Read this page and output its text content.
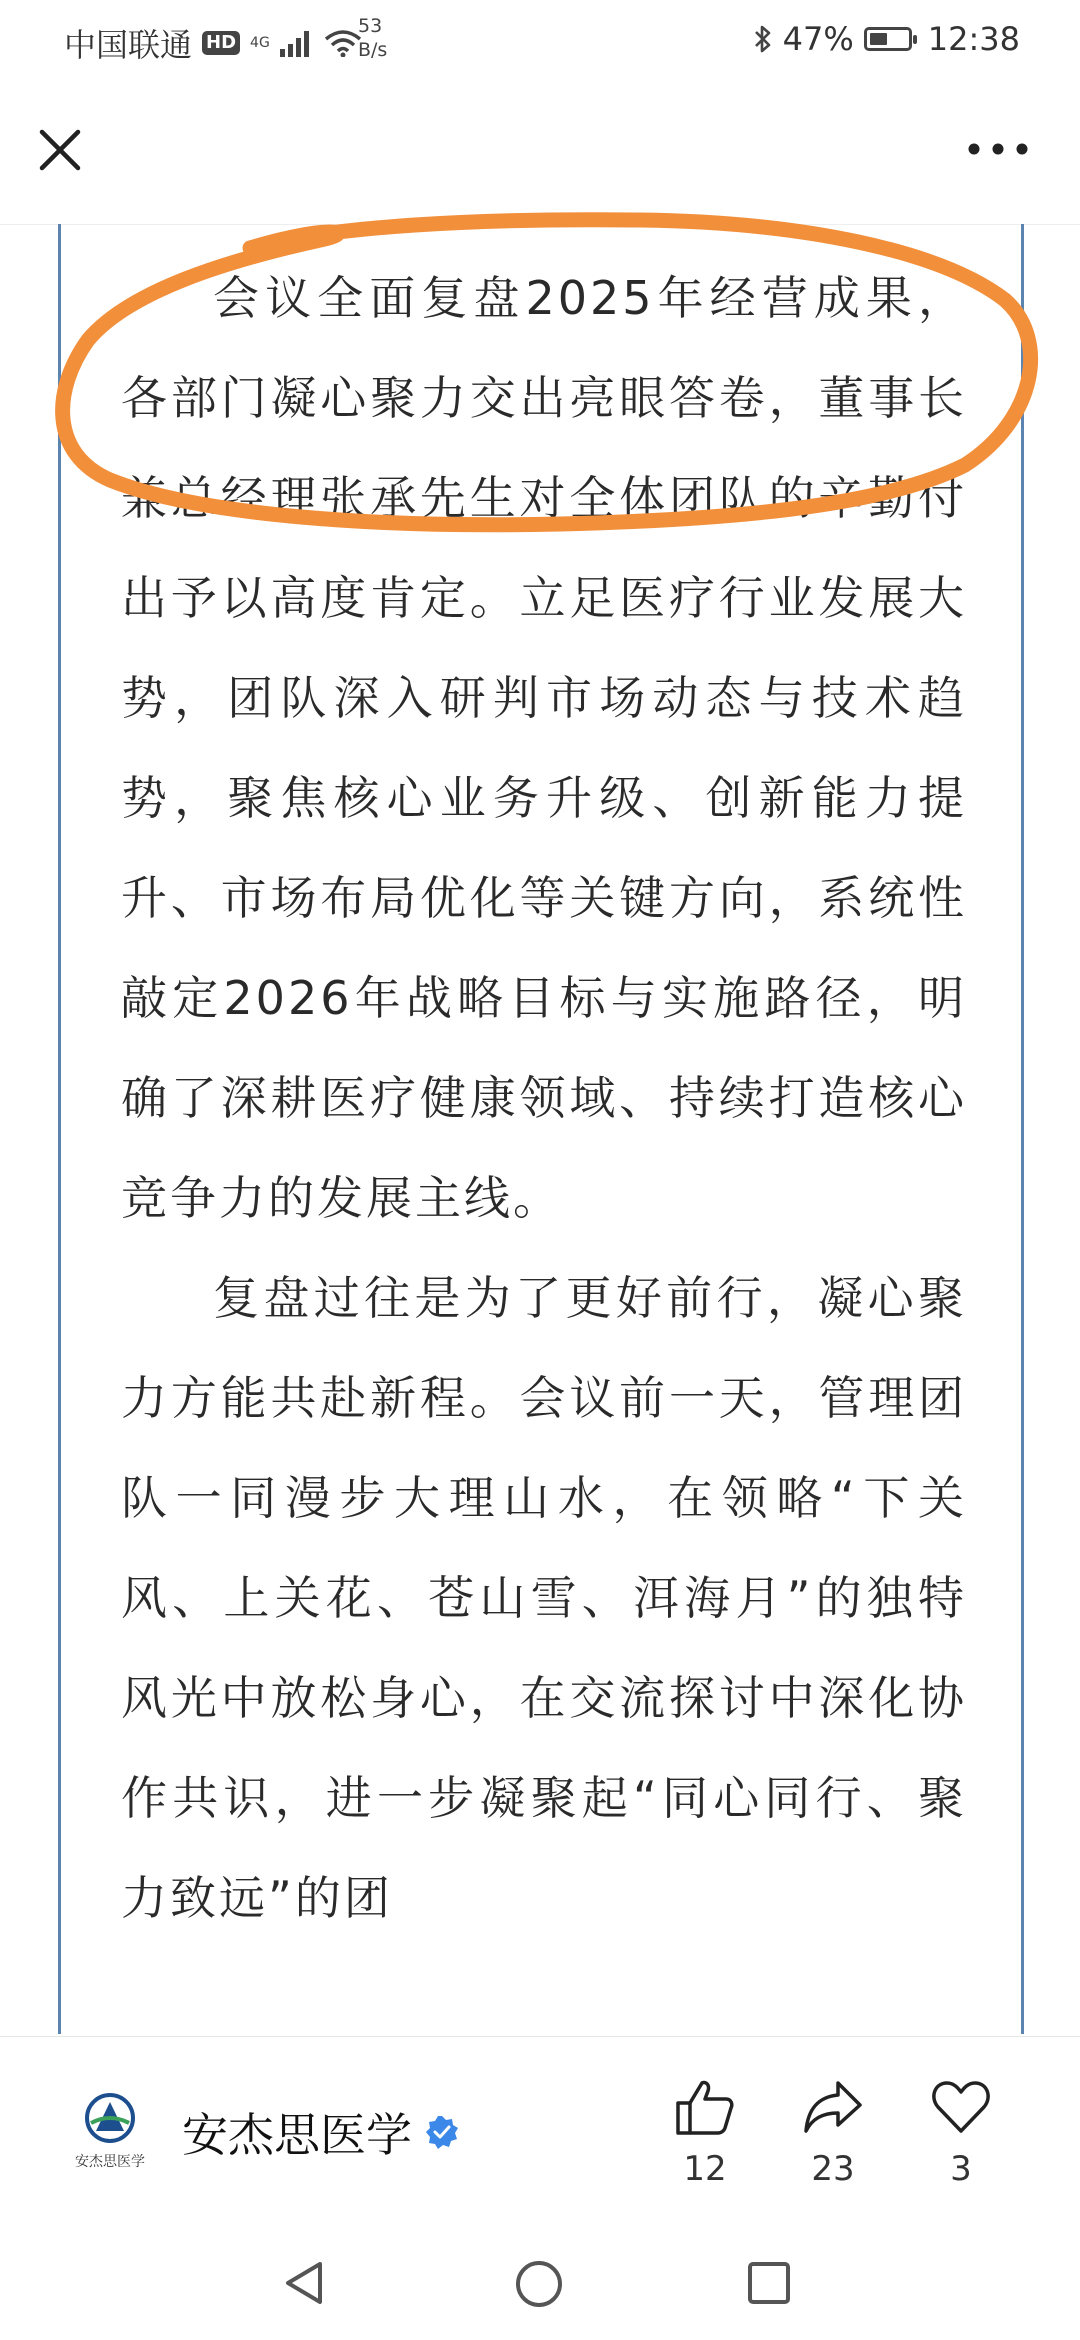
中国联通 HD 4G
53
B/s	47% 12:38

会议全面复盘2025年经营成果，各部门凝心聚力交出亮眼答卷，董事长兼总经理张承先生对全体团队的辛勤付出予以高度肯定。立足医疗行业发展大势，团队深入研判市场动态与技术趋势，聚焦核心业务升级、创新能力提升、市场布局优化等关键方向，系统性敲定2026年战略目标与实施路径，明确了深耕医疗健康领域、持续打造核心竞争力的发展主线。

复盘过往是为了更好前行，凝心聚力方能共赴新程。会议前一天，管理团队一同漫步大理山水，在领略“下关风、上关花、苍山雪、洱海月”的独特风光中放松身心，在交流探讨中深化协作共识，进一步凝聚起“同心同行、聚力致远”的团

安杰思医学 安杰思医学
12	23	3
